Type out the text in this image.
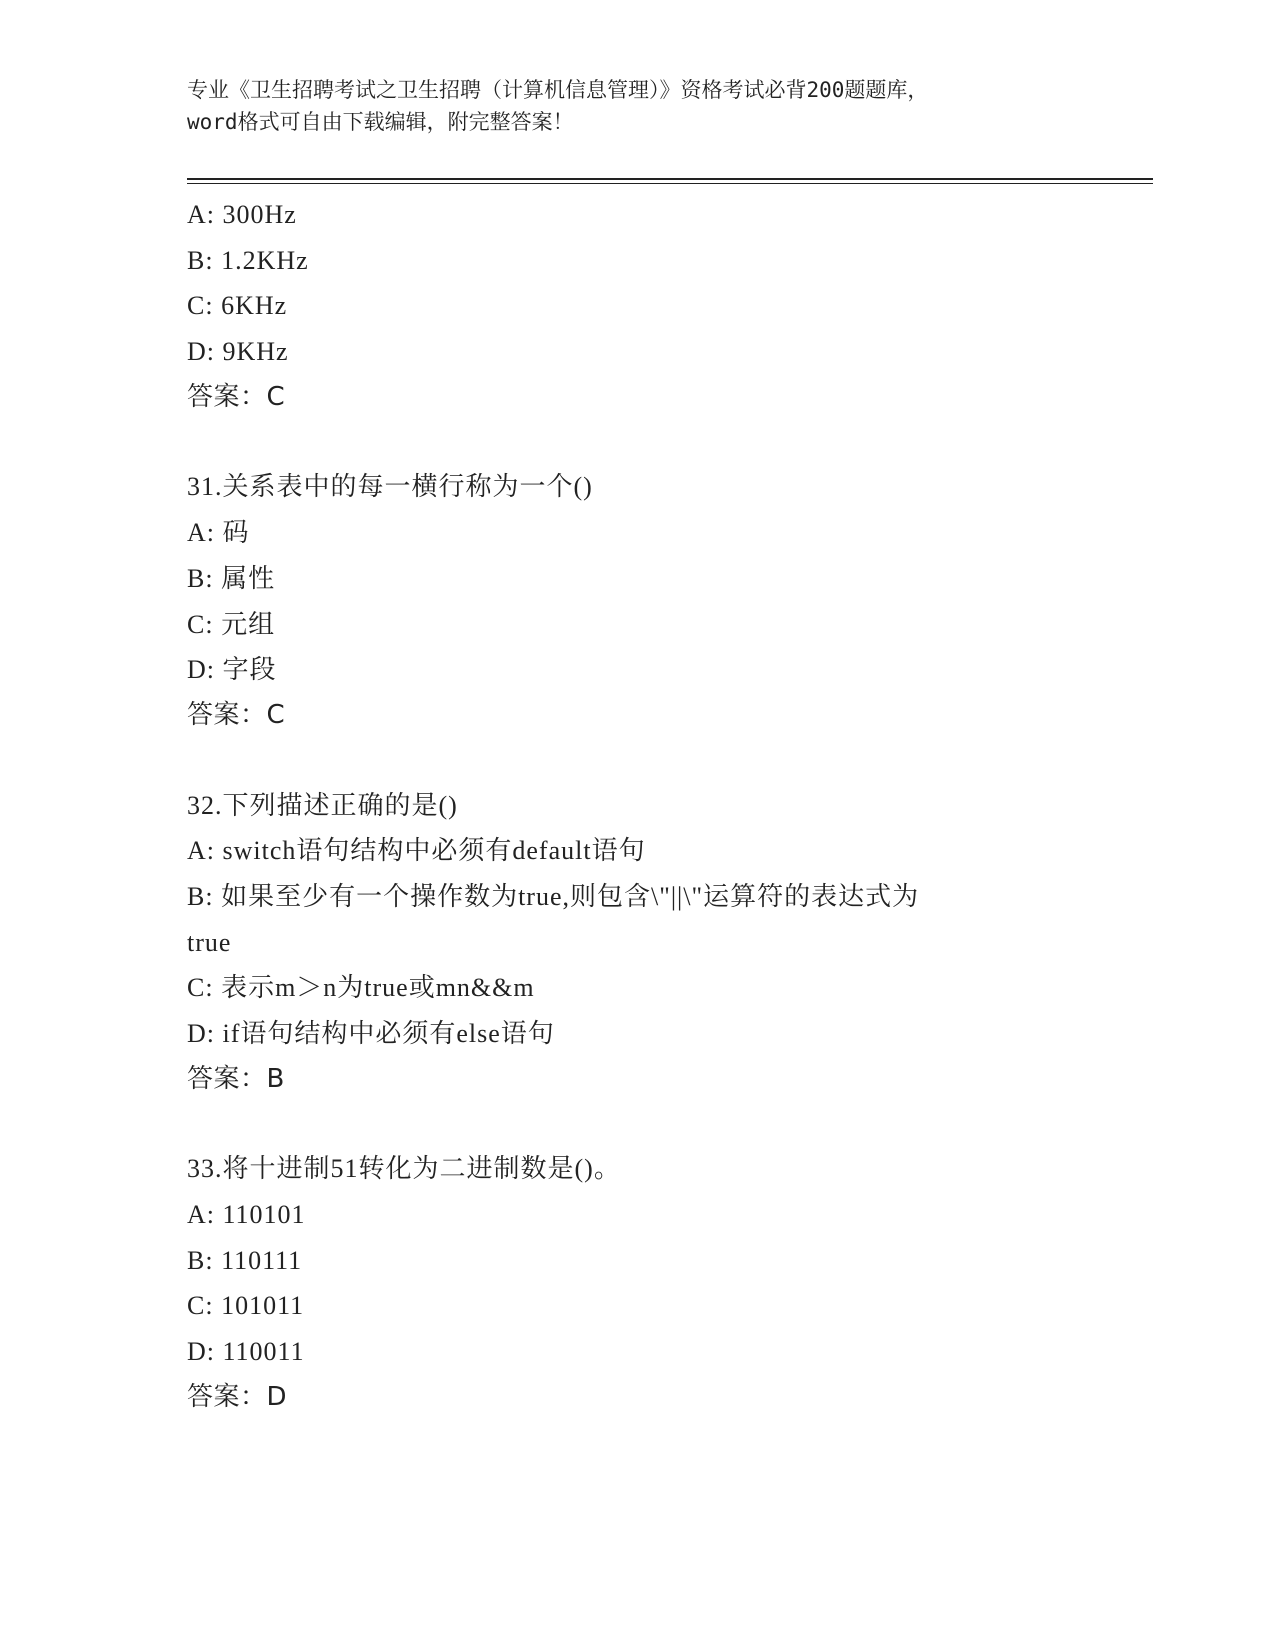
专业《卫生招聘考试之卫生招聘（计算机信息管理）》资格考试必背200题题库，
word格式可自由下载编辑，附完整答案！
A: 300Hz
B: 1.2KHz
C: 6KHz
D: 9KHz
答案：C
31.关系表中的每一横行称为一个()
A: 码
B: 属性
C: 元组
D: 字段
答案：C
32.下列描述正确的是()
A: switch语句结构中必须有default语句
B: 如果至少有一个操作数为true,则包含\"||\"运算符的表达式为
true
C: 表示m＞n为true或mn&&m
D: if语句结构中必须有else语句
答案：B
33.将十进制51转化为二进制数是()。
A: 110101
B: 110111
C: 101011
D: 110011
答案：D
